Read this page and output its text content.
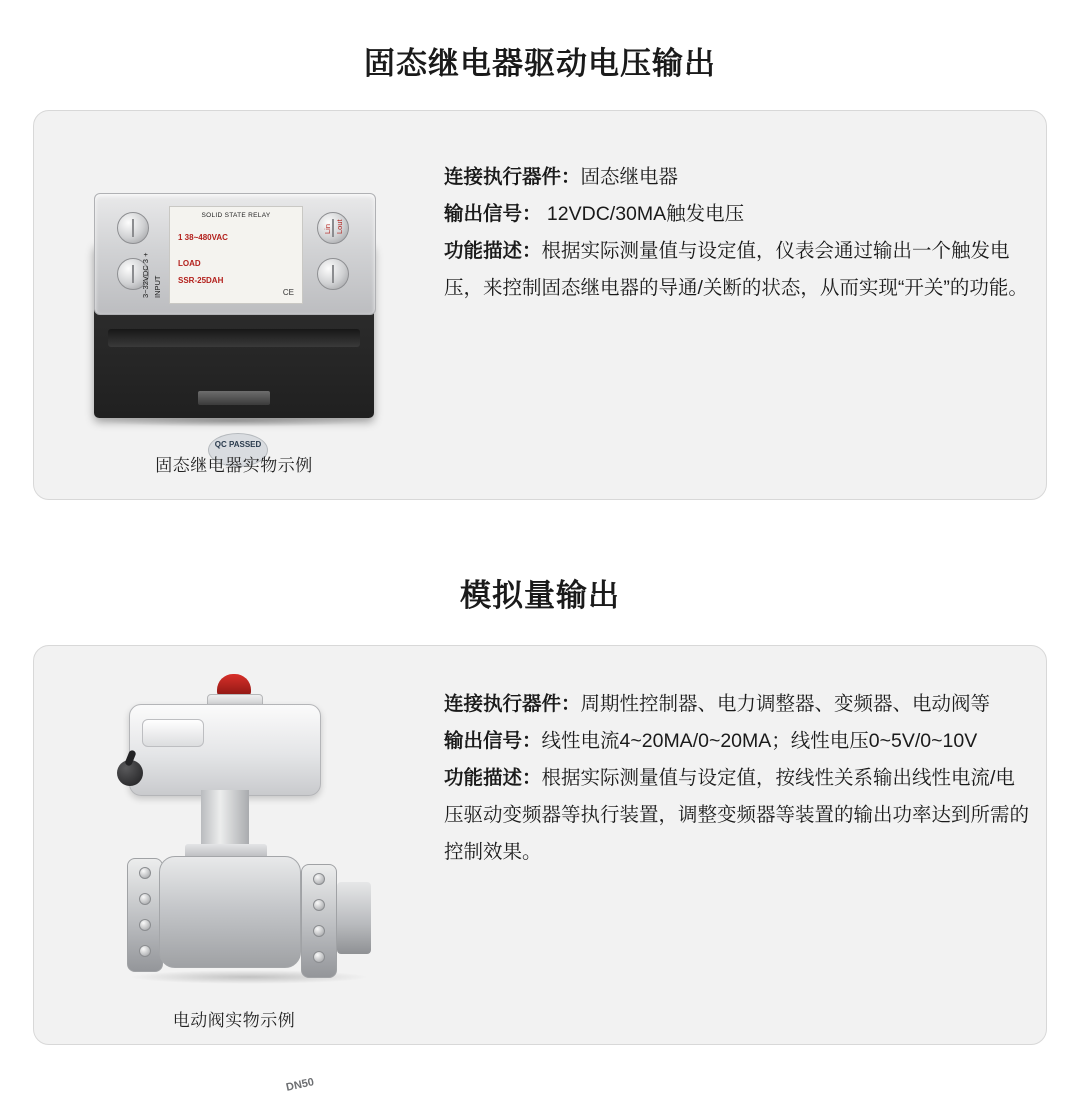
固态继电器驱动电压输出
QC PASSED
SOLID STATE RELAY
1 38~480VAC
LOAD
SSR-25DAH
CE
INPUT
3~32VDC 3 +
Lin Lout
固态继电器实物示例
连接执行器件：固态继电器
输出信号： 12VDC/30MA触发电压
功能描述：根据实际测量值与设定值，仪表会通过输出一个触发电压，来控制固态继电器的导通/关断的状态，从而实现“开关”的功能。
模拟量输出
DN50
电动阀实物示例
连接执行器件：周期性控制器、电力调整器、变频器、电动阀等
输出信号：线性电流4~20MA/0~20MA；线性电压0~5V/0~10V
功能描述：根据实际测量值与设定值，按线性关系输出线性电流/电压驱动变频器等执行装置，调整变频器等装置的输出功率达到所需的控制效果。
